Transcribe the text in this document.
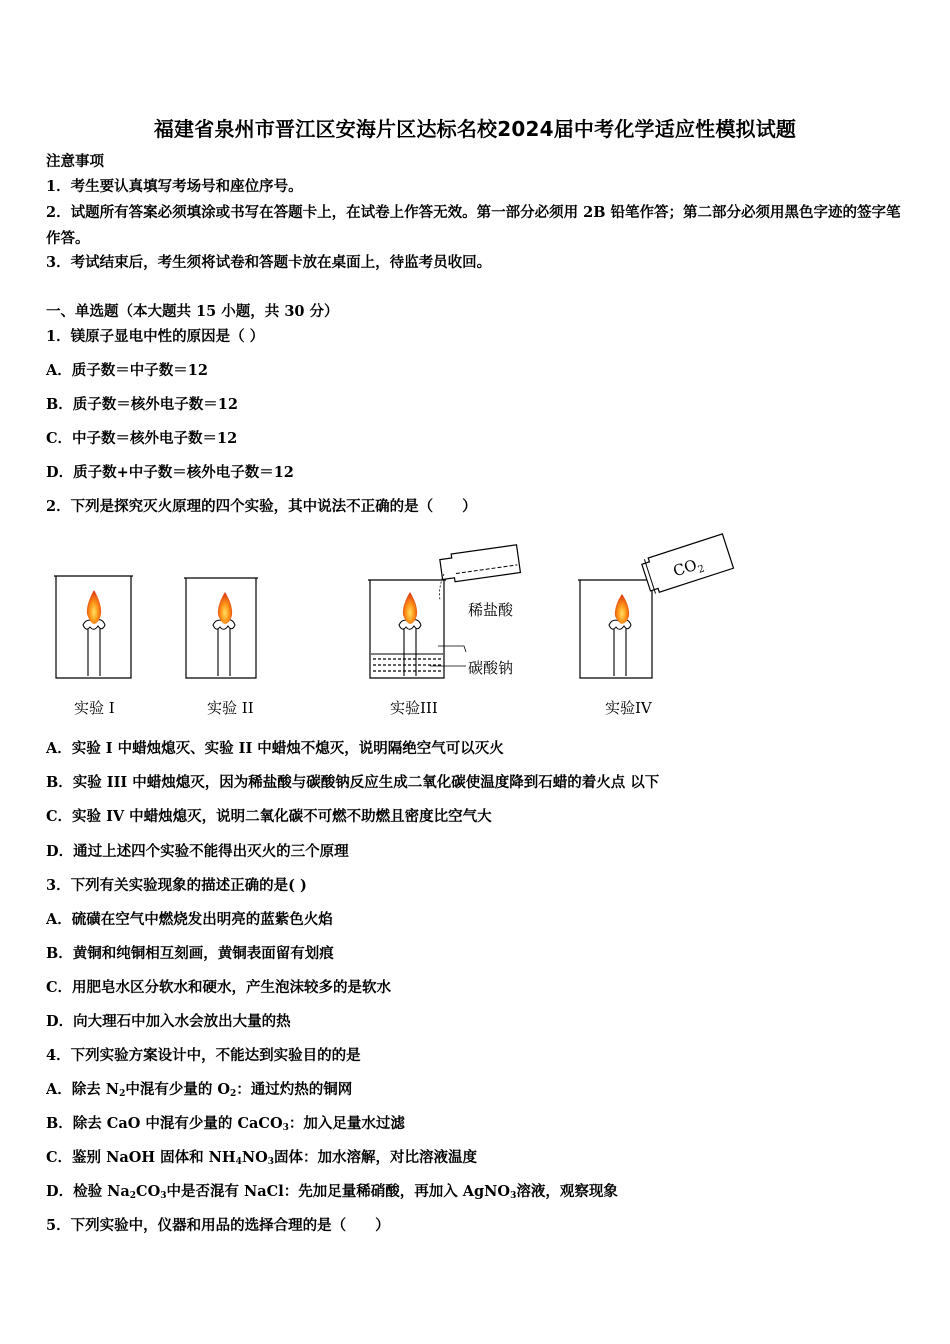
福建省泉州市晋江区安海片区达标名校2024届中考化学适应性模拟试题
注意事项
1．考生要认真填写考场号和座位序号。
2．试题所有答案必须填涂或书写在答题卡上，在试卷上作答无效。第一部分必须用 2B 铅笔作答；第二部分必须用黑色字迹的签字笔作答。
3．考试结束后，考生须将试卷和答题卡放在桌面上，待监考员收回。
一、单选题（本大题共 15 小题，共 30 分）
1．镁原子显电中性的原因是（ ）
A．质子数＝中子数＝12
B．质子数＝核外电子数＝12
C．中子数＝核外电子数＝12
D．质子数+中子数＝核外电子数＝12
2．下列是探究灭火原理的四个实验，其中说法不正确的是（　　）
稀盐酸
碳酸钠
$CO_2$
实验 I	实验 II	实验III	实验IV
A．实验 I 中蜡烛熄灭、实验 II 中蜡烛不熄灭，说明隔绝空气可以灭火
B．实验 III 中蜡烛熄灭，因为稀盐酸与碳酸钠反应生成二氧化碳使温度降到石蜡的着火点 以下
C．实验 IV 中蜡烛熄灭，说明二氧化碳不可燃不助燃且密度比空气大
D．通过上述四个实验不能得出灭火的三个原理
3．下列有关实验现象的描述正确的是( )
A．硫磺在空气中燃烧发出明亮的蓝紫色火焰
B．黄铜和纯铜相互刻画，黄铜表面留有划痕
C．用肥皂水区分软水和硬水，产生泡沫较多的是软水
D．向大理石中加入水会放出大量的热
4．下列实验方案设计中，不能达到实验目的的是
A．除去 $N_2$中混有少量的 $O_2$：通过灼热的铜网
B．除去 CaO 中混有少量的 CaCO$_3$：加入足量水过滤
C．鉴别 NaOH 固体和 $NH_4NO_3$固体：加水溶解，对比溶液温度
D．检验 $Na_2CO_3$中是否混有 NaCl：先加足量稀硝酸，再加入 AgNO$_3$溶液，观察现象
5．下列实验中，仪器和用品的选择合理的是（　　）
